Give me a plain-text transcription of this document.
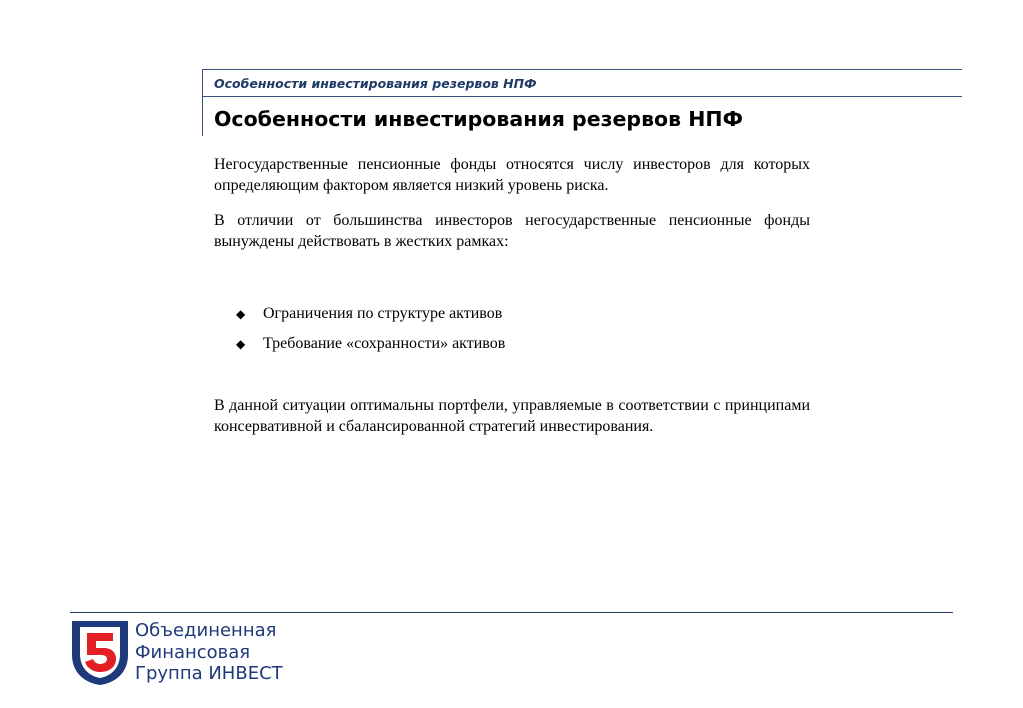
Особенности инвестирования резервов НПФ
Особенности инвестирования резервов НПФ

Негосударственные пенсионные фонды относятся числу инвесторов для которых определяющим фактором является низкий уровень риска.

В отличии от большинства инвесторов негосударственные пенсионные фонды вынуждены действовать в жестких рамках:

◆ Ограничения по структуре активов
◆ Требование «сохранности» активов

В данной ситуации оптимальны портфели, управляемые в соответствии с принципами консервативной и сбалансированной стратегий инвестирования.

Объединенная
Финансовая
Группа ИНВЕСТ
